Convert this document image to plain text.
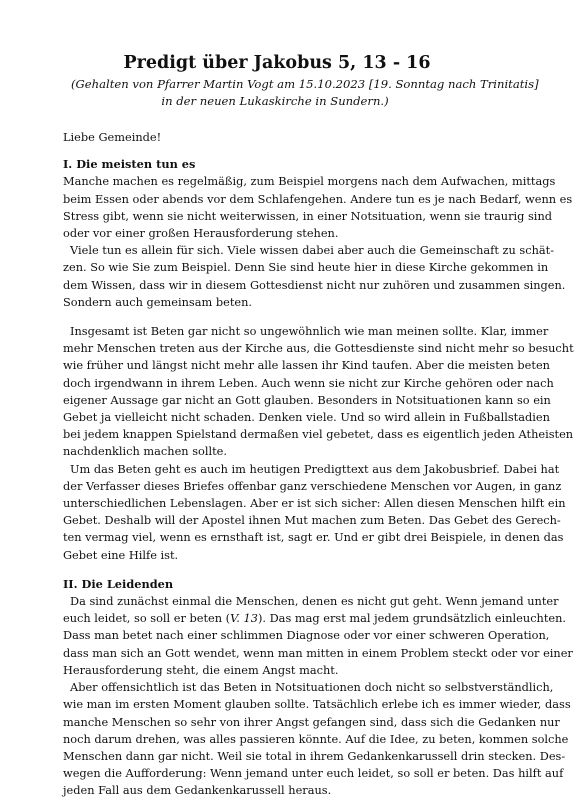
Predigt über Jakobus 5, 13 - 16
(Gehalten von Pfarrer Martin Vogt am 15.10.2023 [19. Sonntag nach Trinitatis]
in der neuen Lukaskirche in Sundern.)

Liebe Gemeinde!

I. Die meisten tun es

Manche machen es regelmäßig, zum Beispiel morgens nach dem Aufwachen, mittags
beim Essen oder abends vor dem Schlafengehen. Andere tun es je nach Bedarf, wenn es
Stress gibt, wenn sie nicht weiterwissen, in einer Notsituation, wenn sie traurig sind
oder vor einer großen Herausforderung stehen.
Viele tun es allein für sich. Viele wissen dabei aber auch die Gemeinschaft zu schät-
zen. So wie Sie zum Beispiel. Denn Sie sind heute hier in diese Kirche gekommen in
dem Wissen, dass wir in diesem Gottesdienst nicht nur zuhören und zusammen singen.
Sondern auch gemeinsam beten.
Insgesamt ist Beten gar nicht so ungewöhnlich wie man meinen sollte. Klar, immer
mehr Menschen treten aus der Kirche aus, die Gottesdienste sind nicht mehr so besucht
wie früher und längst nicht mehr alle lassen ihr Kind taufen. Aber die meisten beten
doch irgendwann in ihrem Leben. Auch wenn sie nicht zur Kirche gehören oder nach
eigener Aussage gar nicht an Gott glauben. Besonders in Notsituationen kann so ein
Gebet ja vielleicht nicht schaden. Denken viele. Und so wird allein in Fußballstadien
bei jedem knappen Spielstand dermaßen viel gebetet, dass es eigentlich jeden Atheisten
nachdenklich machen sollte.
Um das Beten geht es auch im heutigen Predigttext aus dem Jakobusbrief. Dabei hat
der Verfasser dieses Briefes offenbar ganz verschiedene Menschen vor Augen, in ganz
unterschiedlichen Lebenslagen. Aber er ist sich sicher: Allen diesen Menschen hilft ein
Gebet. Deshalb will der Apostel ihnen Mut machen zum Beten. Das Gebet des Gerech-
ten vermag viel, wenn es ernsthaft ist, sagt er. Und er gibt drei Beispiele, in denen das
Gebet eine Hilfe ist.

II. Die Leidenden

Da sind zunächst einmal die Menschen, denen es nicht gut geht. Wenn jemand unter
euch leidet, so soll er beten (V. 13). Das mag erst mal jedem grundsätzlich einleuchten.
Dass man betet nach einer schlimmen Diagnose oder vor einer schweren Operation,
dass man sich an Gott wendet, wenn man mitten in einem Problem steckt oder vor einer
Herausforderung steht, die einem Angst macht.
Aber offensichtlich ist das Beten in Notsituationen doch nicht so selbstverständlich,
wie man im ersten Moment glauben sollte. Tatsächlich erlebe ich es immer wieder, dass
manche Menschen so sehr von ihrer Angst gefangen sind, dass sich die Gedanken nur
noch darum drehen, was alles passieren könnte. Auf die Idee, zu beten, kommen solche
Menschen dann gar nicht. Weil sie total in ihrem Gedankenkarussell drin stecken. Des-
wegen die Aufforderung: Wenn jemand unter euch leidet, so soll er beten. Das hilft auf
jeden Fall aus dem Gedankenkarussell heraus.
